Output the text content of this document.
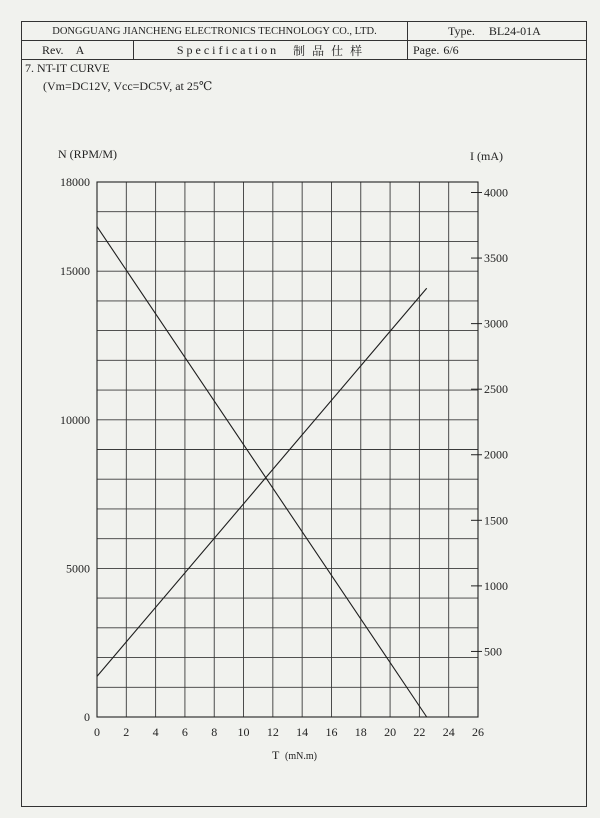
DONGGUANG JIANCHENG ELECTRONICS TECHNOLOGY CO., LTD.	Type. BL24-01A
Rev. A	Specification 制 品 仕 样	Page. 6/6
7. NT-IT CURVE
(Vm=DC12V, Vcc=DC5V, at 25℃
0 2 4 6 8 10 12 14 16 18 20 22 24 26
0
5000
10000
15000
18000
500
1000
1500
2000
2500
3000
3500
4000
N (RPM/M)	I (mA)
T (mN.m)
